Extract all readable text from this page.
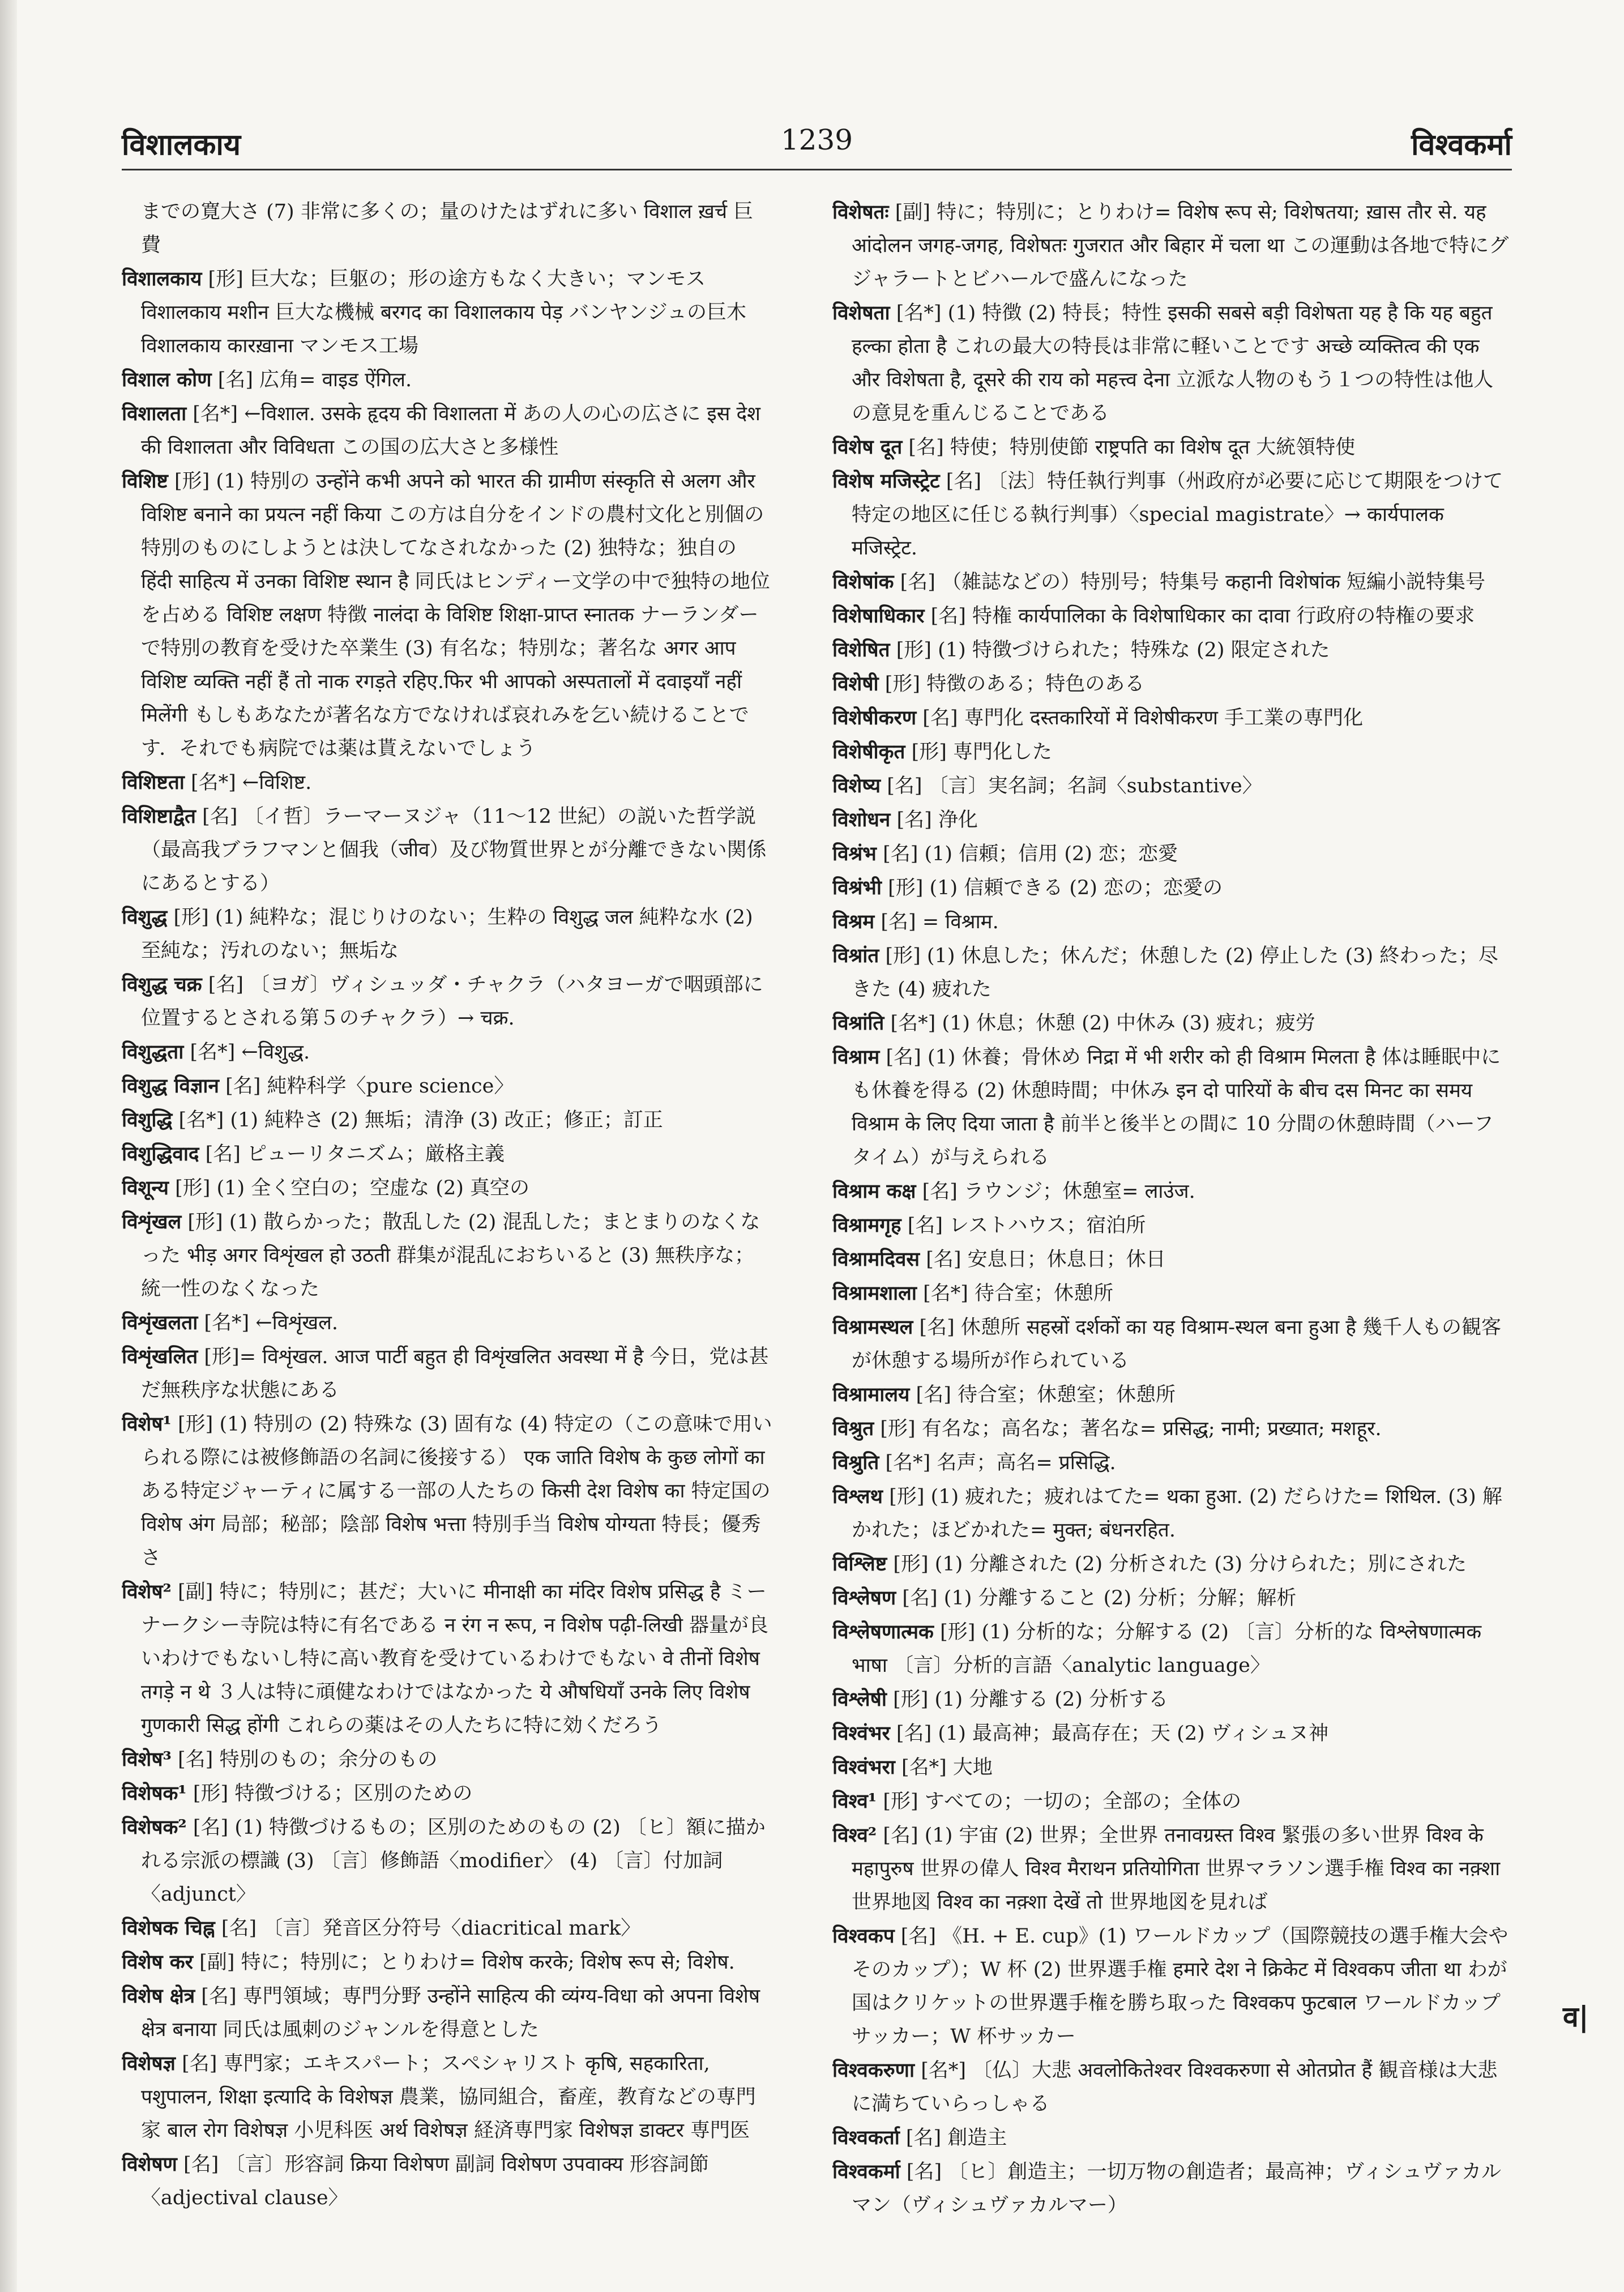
विशालकाय	1239	विश्वकर्मा

までの寛大さ (7) 非常に多くの；量のけたはずれに多い विशाल ख़र्च 巨費

विशालकाय [形] 巨大な；巨躯の；形の途方もなく大きい；マンモス विशालकाय मशीन 巨大な機械 बरगद का विशालकाय पेड़ バンヤンジュの巨木 विशालकाय कारख़ाना マンモス工場

विशाल कोण [名] 広角= वाइड ऐंगिल.

विशालता [名*] ←विशाल. उसके हृदय की विशालता में あの人の心の広さに इस देश की विशालता और विविधता この国の広大さと多様性

विशिष्ट [形] (1) 特別の उन्होंने कभी अपने को भारत की ग्रामीण संस्कृति से अलग और विशिष्ट बनाने का प्रयत्न नहीं किया この方は自分をインドの農村文化と別個の特別のものにしようとは決してなされなかった (2) 独特な；独自の हिंदी साहित्य में उनका विशिष्ट स्थान है 同氏はヒンディー文学の中で独特の地位を占める विशिष्ट लक्षण 特徴 नालंदा के विशिष्ट शिक्षा-प्राप्त स्नातक ナーランダーで特別の教育を受けた卒業生 (3) 有名な；特別な；著名な अगर आप विशिष्ट व्यक्ति नहीं हैं तो नाक रगड़ते रहिए.फिर भी आपको अस्पतालों में दवाइयाँ नहीं मिलेंगी もしもあなたが著名な方でなければ哀れみを乞い続けることです．それでも病院では薬は貰えないでしょう

विशिष्टता [名*] ←विशिष्ट.

विशिष्टाद्वैत [名] 〔イ哲〕ラーマーヌジャ（11～12 世紀）の説いた哲学説（最高我ブラフマンと個我（जीव）及び物質世界とが分離できない関係にあるとする）

विशुद्ध [形] (1) 純粋な；混じりけのない；生粋の विशुद्ध जल 純粋な水 (2) 至純な；汚れのない；無垢な

विशुद्ध चक्र [名] 〔ヨガ〕ヴィシュッダ・チャクラ（ハタヨーガで咽頭部に位置するとされる第５のチャクラ）→ चक्र.

विशुद्धता [名*] ←विशुद्ध.

विशुद्ध विज्ञान [名] 純粋科学〈pure science〉

विशुद्धि [名*] (1) 純粋さ (2) 無垢；清浄 (3) 改正；修正；訂正

विशुद्धिवाद [名] ピューリタニズム；厳格主義

विशून्य [形] (1) 全く空白の；空虚な (2) 真空の

विशृंखल [形] (1) 散らかった；散乱した (2) 混乱した；まとまりのなくなった भीड़ अगर विशृंखल हो उठती 群集が混乱におちいると (3) 無秩序な；統一性のなくなった

विशृंखलता [名*] ←विशृंखल.

विशृंखलित [形]= विशृंखल. आज पार्टी बहुत ही विशृंखलित अवस्था में है 今日，党は甚だ無秩序な状態にある

विशेष¹ [形] (1) 特別の (2) 特殊な (3) 固有な (4) 特定の（この意味で用いられる際には被修飾語の名詞に後接する） एक जाति विशेष के कुछ लोगों का ある特定ジャーティに属する一部の人たちの किसी देश विशेष का 特定国の विशेष अंग 局部；秘部；陰部 विशेष भत्ता 特別手当 विशेष योग्यता 特長；優秀さ

विशेष² [副] 特に；特別に；甚だ；大いに मीनाक्षी का मंदिर विशेष प्रसिद्ध है ミーナークシー寺院は特に有名である न रंग न रूप, न विशेष पढ़ी-लिखी 器量が良いわけでもないし特に高い教育を受けているわけでもない वे तीनों विशेष तगड़े न थे ３人は特に頑健なわけではなかった ये औषधियाँ उनके लिए विशेष गुणकारी सिद्ध होंगी これらの薬はその人たちに特に効くだろう

विशेष³ [名] 特別のもの；余分のもの

विशेषक¹ [形] 特徴づける；区別のための

विशेषक² [名] (1) 特徴づけるもの；区別のためのもの (2) 〔ヒ〕額に描かれる宗派の標識 (3) 〔言〕修飾語〈modifier〉 (4) 〔言〕付加詞〈adjunct〉

विशेषक चिह्न [名] 〔言〕発音区分符号〈diacritical mark〉

विशेष कर [副] 特に；特別に；とりわけ= विशेष करके; विशेष रूप से; विशेष.

विशेष क्षेत्र [名] 専門領域；専門分野 उन्होंने साहित्य की व्यंग्य-विधा को अपना विशेष क्षेत्र बनाया 同氏は風刺のジャンルを得意とした

विशेषज्ञ [名] 専門家；エキスパート；スペシャリスト कृषि, सहकारिता, पशुपालन, शिक्षा इत्यादि के विशेषज्ञ 農業，協同組合，畜産，教育などの専門家 बाल रोग विशेषज्ञ 小児科医 अर्थ विशेषज्ञ 経済専門家 विशेषज्ञ डाक्टर 専門医

विशेषण [名] 〔言〕形容詞 क्रिया विशेषण 副詞 विशेषण उपवाक्य 形容詞節〈adjectival clause〉

विशेषतः [副] 特に；特別に；とりわけ= विशेष रूप से; विशेषतया; ख़ास तौर से. यह आंदोलन जगह-जगह, विशेषतः गुजरात और बिहार में चला था この運動は各地で特にグジャラートとビハールで盛んになった

विशेषता [名*] (1) 特徴 (2) 特長；特性 इसकी सबसे बड़ी विशेषता यह है कि यह बहुत हल्का होता है これの最大の特長は非常に軽いことです अच्छे व्यक्तित्व की एक और विशेषता है, दूसरे की राय को महत्त्व देना 立派な人物のもう１つの特性は他人の意見を重んじることである

विशेष दूत [名] 特使；特別使節 राष्ट्रपति का विशेष दूत 大統領特使

विशेष मजिस्ट्रेट [名] 〔法〕特任執行判事（州政府が必要に応じて期限をつけて特定の地区に任じる執行判事）〈special magistrate〉→ कार्यपालक मजिस्ट्रेट.

विशेषांक [名] （雑誌などの）特別号；特集号 कहानी विशेषांक 短編小説特集号

विशेषाधिकार [名] 特権 कार्यपालिका के विशेषाधिकार का दावा 行政府の特権の要求

विशेषित [形] (1) 特徴づけられた；特殊な (2) 限定された

विशेषी [形] 特徴のある；特色のある

विशेषीकरण [名] 専門化 दस्तकारियों में विशेषीकरण 手工業の専門化

विशेषीकृत [形] 専門化した

विशेष्य [名] 〔言〕実名詞；名詞〈substantive〉

विशोधन [名] 浄化

विश्रंभ [名] (1) 信頼；信用 (2) 恋；恋愛

विश्रंभी [形] (1) 信頼できる (2) 恋の；恋愛の

विश्रम [名] = विश्राम.

विश्रांत [形] (1) 休息した；休んだ；休憩した (2) 停止した (3) 終わった；尽きた (4) 疲れた

विश्रांति [名*] (1) 休息；休憩 (2) 中休み (3) 疲れ；疲労

विश्राम [名] (1) 休養；骨休め निद्रा में भी शरीर को ही विश्राम मिलता है 体は睡眠中にも休養を得る (2) 休憩時間；中休み इन दो पारियों के बीच दस मिनट का समय विश्राम के लिए दिया जाता है 前半と後半との間に 10 分間の休憩時間（ハーフタイム）が与えられる

विश्राम कक्ष [名] ラウンジ；休憩室= लाउंज.

विश्रामगृह [名] レストハウス；宿泊所

विश्रामदिवस [名] 安息日；休息日；休日

विश्रामशाला [名*] 待合室；休憩所

विश्रामस्थल [名] 休憩所 सहस्रों दर्शकों का यह विश्राम-स्थल बना हुआ है 幾千人もの観客が休憩する場所が作られている

विश्रामालय [名] 待合室；休憩室；休憩所

विश्रुत [形] 有名な；高名な；著名な= प्रसिद्ध; नामी; प्रख्यात; मशहूर.

विश्रुति [名*] 名声；高名= प्रसिद्धि.

विश्लथ [形] (1) 疲れた；疲れはてた= थका हुआ. (2) だらけた= शिथिल. (3) 解かれた；ほどかれた= मुक्त; बंधनरहित.

विश्लिष्ट [形] (1) 分離された (2) 分析された (3) 分けられた；別にされた

विश्लेषण [名] (1) 分離すること (2) 分析；分解；解析

विश्लेषणात्मक [形] (1) 分析的な；分解する (2) 〔言〕分析的な विश्लेषणात्मक भाषा 〔言〕分析的言語〈analytic language〉

विश्लेषी [形] (1) 分離する (2) 分析する

विश्वंभर [名] (1) 最高神；最高存在；天 (2) ヴィシュヌ神

विश्वंभरा [名*] 大地

विश्व¹ [形] すべての；一切の；全部の；全体の

विश्व² [名] (1) 宇宙 (2) 世界；全世界 तनावग्रस्त विश्व 緊張の多い世界 विश्व के महापुरुष 世界の偉人 विश्व मैराथन प्रतियोगिता 世界マラソン選手権 विश्व का नक़्शा 世界地図 विश्व का नक़्शा देखें तो 世界地図を見れば

विश्वकप [名] 《H. + E. cup》(1) ワールドカップ（国際競技の選手権大会やそのカップ）；W 杯 (2) 世界選手権 हमारे देश ने क्रिकेट में विश्वकप जीता था わが国はクリケットの世界選手権を勝ち取った विश्वकप फुटबाल ワールドカップサッカー；W 杯サッカー

विश्वकरुणा [名*] 〔仏〕大悲 अवलोकितेश्वर विश्वकरुणा से ओतप्रोत हैं 観音様は大悲に満ちていらっしゃる

विश्वकर्ता [名] 創造主

विश्वकर्मा [名] 〔ヒ〕創造主；一切万物の創造者；最高神；ヴィシュヴァカルマン（ヴィシュヴァカルマー）

व|
